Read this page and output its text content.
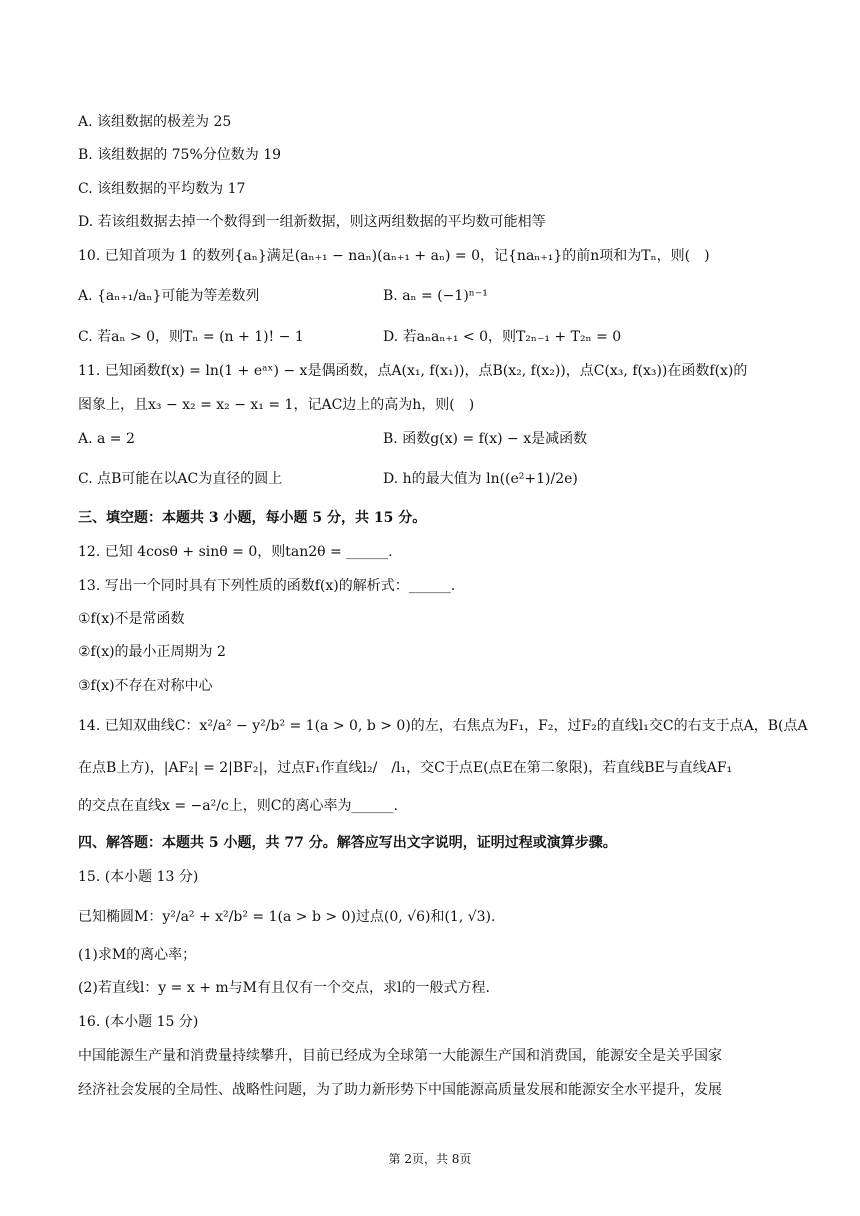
A. 该组数据的极差为 25
B. 该组数据的 75%分位数为 19
C. 该组数据的平均数为 17
D. 若该组数据去掉一个数得到一组新数据，则这两组数据的平均数可能相等
10. 已知首项为 1 的数列{aₙ}满足(aₙ₊₁ − naₙ)(aₙ₊₁ + aₙ) = 0，记{naₙ₊₁}的前n项和为Tₙ，则(　)
A. {aₙ₊₁/aₙ}可能为等差数列	B. aₙ = (−1)ⁿ⁻¹
C. 若aₙ > 0，则Tₙ = (n + 1)! − 1	D. 若aₙaₙ₊₁ < 0，则T₂ₙ₋₁ + T₂ₙ = 0
11. 已知函数f(x) = ln(1 + eᵃˣ) − x是偶函数，点A(x₁, f(x₁))，点B(x₂, f(x₂))，点C(x₃, f(x₃))在函数f(x)的
图象上，且x₃ − x₂ = x₂ − x₁ = 1，记AC边上的高为h，则(　)
A. a = 2	B. 函数g(x) = f(x) − x是减函数
C. 点B可能在以AC为直径的圆上	D. h的最大值为 ln((e²+1)/2e)
三、填空题：本题共 3 小题，每小题 5 分，共 15 分。
12. 已知 4cosθ + sinθ = 0，则tan2θ = ______.
13. 写出一个同时具有下列性质的函数f(x)的解析式：______.
①f(x)不是常函数
②f(x)的最小正周期为 2
③f(x)不存在对称中心
14. 已知双曲线C：x²/a² − y²/b² = 1(a > 0, b > 0)的左，右焦点为F₁，F₂，过F₂的直线l₁交C的右支于点A，B(点A
在点B上方)，|AF₂| = 2|BF₂|，过点F₁作直线l₂/　/l₁，交C于点E(点E在第二象限)，若直线BE与直线AF₁
的交点在直线x = −a²/c上，则C的离心率为______.
四、解答题：本题共 5 小题，共 77 分。解答应写出文字说明，证明过程或演算步骤。
15. (本小题 13 分)
已知椭圆M：y²/a² + x²/b² = 1(a > b > 0)过点(0, √6)和(1, √3).
(1)求M的离心率；
(2)若直线l：y = x + m与M有且仅有一个交点，求l的一般式方程.
16. (本小题 15 分)
中国能源生产量和消费量持续攀升，目前已经成为全球第一大能源生产国和消费国，能源安全是关乎国家
经济社会发展的全局性、战略性问题，为了助力新形势下中国能源高质量发展和能源安全水平提升，发展
第 2页，共 8页
